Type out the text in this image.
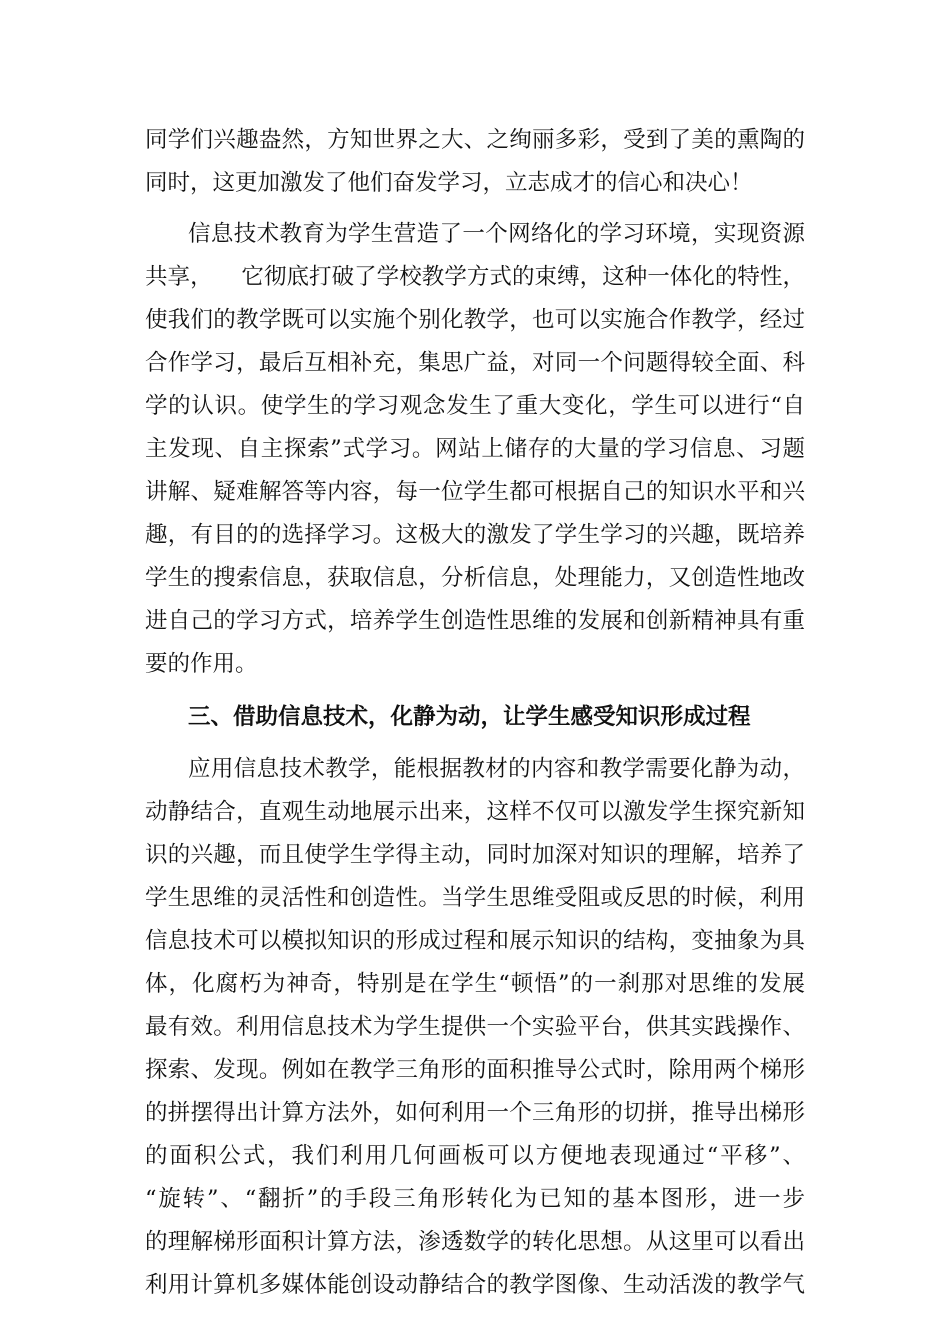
同学们兴趣盎然，方知世界之大、之绚丽多彩，受到了美的熏陶的
同时，这更加激发了他们奋发学习，立志成才的信心和决心！
信息技术教育为学生营造了一个网络化的学习环境，实现资源
共享，    它彻底打破了学校教学方式的束缚，这种一体化的特性，
使我们的教学既可以实施个别化教学，也可以实施合作教学，经过
合作学习，最后互相补充，集思广益，对同一个问题得较全面、科
学的认识。使学生的学习观念发生了重大变化，学生可以进行“自
主发现、自主探索”式学习。网站上储存的大量的学习信息、习题
讲解、疑难解答等内容，每一位学生都可根据自己的知识水平和兴
趣，有目的的选择学习。这极大的激发了学生学习的兴趣，既培养
学生的搜索信息，获取信息，分析信息，处理能力，又创造性地改
进自己的学习方式，培养学生创造性思维的发展和创新精神具有重
要的作用。
三、借助信息技术，化静为动，让学生感受知识形成过程
应用信息技术教学，能根据教材的内容和教学需要化静为动，
动静结合，直观生动地展示出来，这样不仅可以激发学生探究新知
识的兴趣，而且使学生学得主动，同时加深对知识的理解，培养了
学生思维的灵活性和创造性。当学生思维受阻或反思的时候，利用
信息技术可以模拟知识的形成过程和展示知识的结构，变抽象为具
体，化腐朽为神奇，特别是在学生“顿悟”的一刹那对思维的发展
最有效。利用信息技术为学生提供一个实验平台，供其实践操作、
探索、发现。例如在教学三角形的面积推导公式时，除用两个梯形
的拼摆得出计算方法外，如何利用一个三角形的切拼，推导出梯形
的面积公式，我们利用几何画板可以方便地表现通过“平移”、
“旋转”、“翻折”的手段三角形转化为已知的基本图形，进一步
的理解梯形面积计算方法，渗透数学的转化思想。从这里可以看出
利用计算机多媒体能创设动静结合的教学图像、生动活泼的教学气
